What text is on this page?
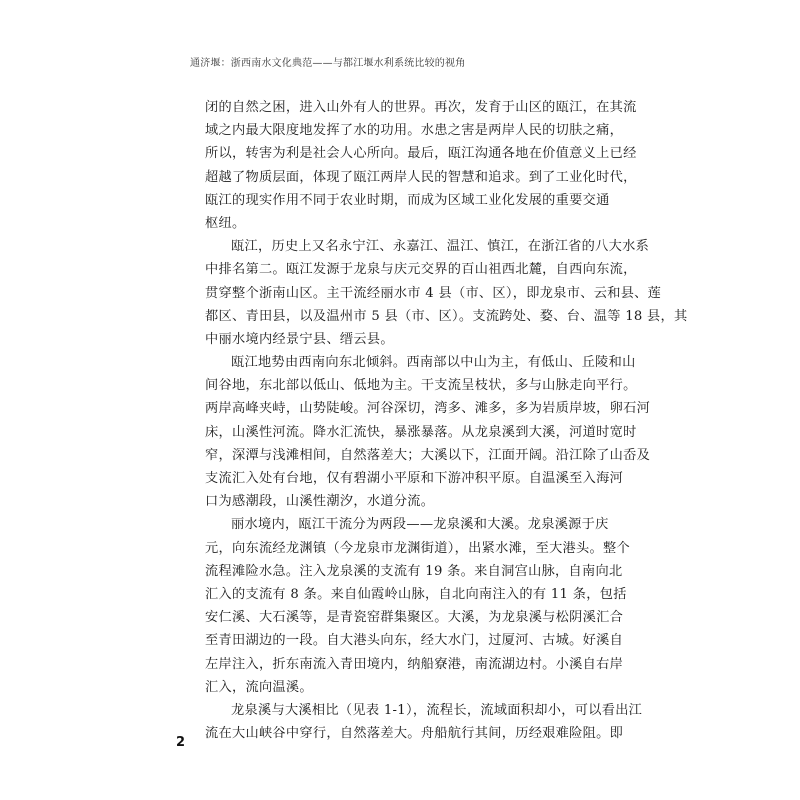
通济堰：浙西南水文化典范——与都江堰水利系统比较的视角
闭的自然之困，进入山外有人的世界。再次，发育于山区的瓯江，在其流
域之内最大限度地发挥了水的功用。水患之害是两岸人民的切肤之痛，
所以，转害为利是社会人心所向。最后，瓯江沟通各地在价值意义上已经
超越了物质层面，体现了瓯江两岸人民的智慧和追求。到了工业化时代，
瓯江的现实作用不同于农业时期，而成为区域工业化发展的重要交通
枢纽。
瓯江，历史上又名永宁江、永嘉江、温江、慎江，在浙江省的八大水系
中排名第二。瓯江发源于龙泉与庆元交界的百山祖西北麓，自西向东流，
贯穿整个浙南山区。主干流经丽水市 4 县（市、区），即龙泉市、云和县、莲
都区、青田县，以及温州市 5 县（市、区）。支流跨处、婺、台、温等 18 县，其
中丽水境内经景宁县、缙云县。
瓯江地势由西南向东北倾斜。西南部以中山为主，有低山、丘陵和山
间谷地，东北部以低山、低地为主。干支流呈枝状，多与山脉走向平行。
两岸高峰夹峙，山势陡峻。河谷深切，湾多、滩多，多为岩质岸坡，卵石河
床，山溪性河流。降水汇流快，暴涨暴落。从龙泉溪到大溪，河道时宽时
窄，深潭与浅滩相间，自然落差大；大溪以下，江面开阔。沿江除了山岙及
支流汇入处有台地，仅有碧湖小平原和下游冲积平原。自温溪至入海河
口为感潮段，山溪性潮汐，水道分流。
丽水境内，瓯江干流分为两段——龙泉溪和大溪。龙泉溪源于庆
元，向东流经龙渊镇（今龙泉市龙渊街道），出紧水滩，至大港头。整个
流程滩险水急。注入龙泉溪的支流有 19 条。来自洞宫山脉，自南向北
汇入的支流有 8 条。来自仙霞岭山脉，自北向南注入的有 11 条，包括
安仁溪、大石溪等，是青瓷窑群集聚区。大溪，为龙泉溪与松阴溪汇合
至青田湖边的一段。自大港头向东，经大水门，过厦河、古城。好溪自
左岸注入，折东南流入青田境内，纳船寮港，南流湖边村。小溪自右岸
汇入，流向温溪。
龙泉溪与大溪相比（见表 1-1），流程长，流域面积却小，可以看出江
流在大山峡谷中穿行，自然落差大。舟船航行其间，历经艰难险阻。即
2
